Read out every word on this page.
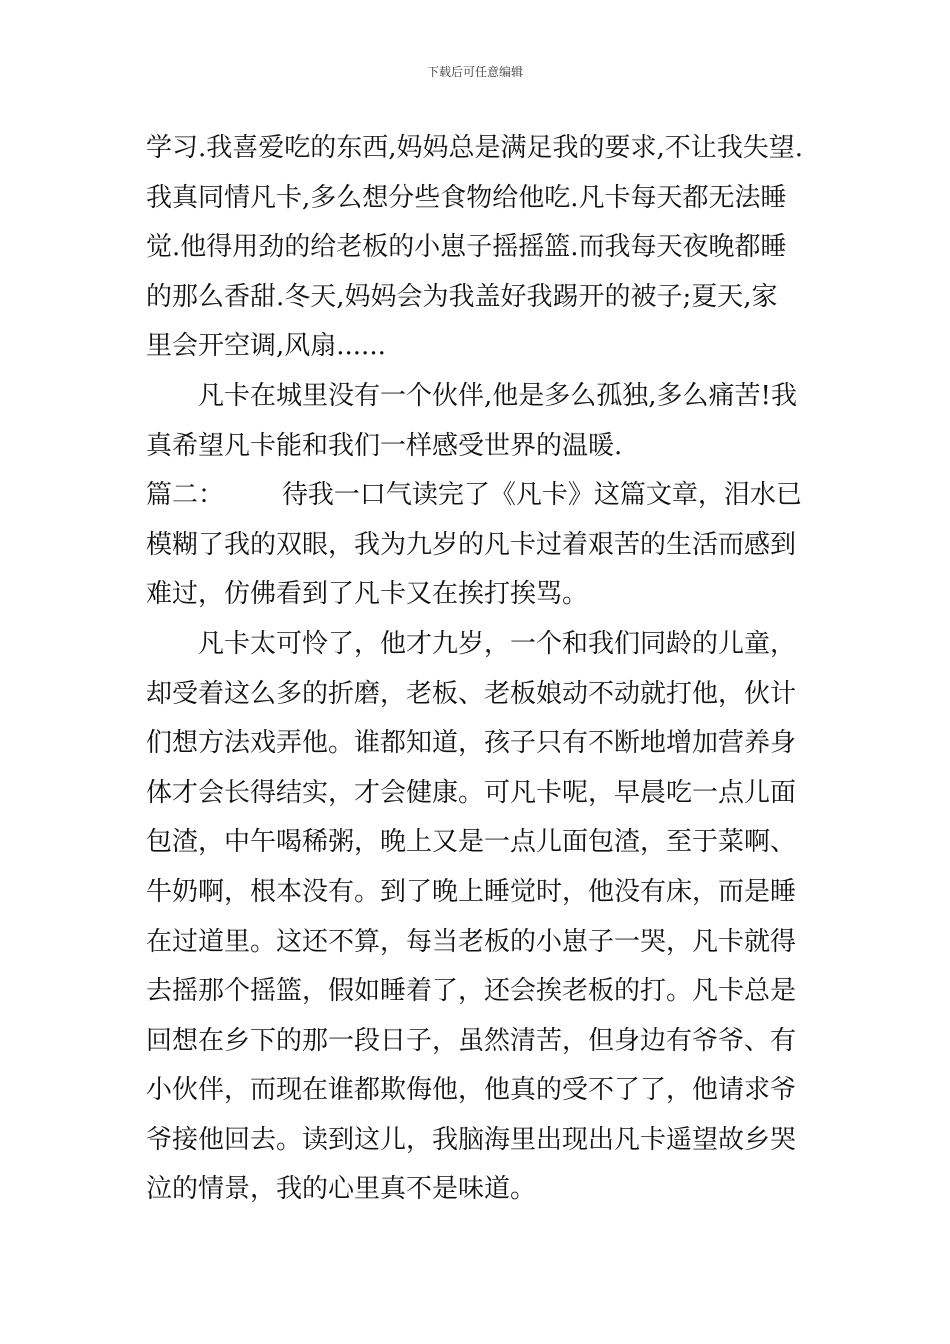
下载后可任意编辑
学习.我喜爱吃的东西,妈妈总是满足我的要求,不让我失望.
我真同情凡卡,多么想分些食物给他吃.凡卡每天都无法睡
觉.他得用劲的给老板的小崽子摇摇篮.而我每天夜晚都睡
的那么香甜.冬天,妈妈会为我盖好我踢开的被子;夏天,家
里会开空调,风扇......
凡卡在城里没有一个伙伴,他是多么孤独,多么痛苦!我
真希望凡卡能和我们一样感受世界的温暖.
篇二：       待我一口气读完了《凡卡》这篇文章，泪水已
模糊了我的双眼，我为九岁的凡卡过着艰苦的生活而感到
难过，仿佛看到了凡卡又在挨打挨骂。
凡卡太可怜了，他才九岁，一个和我们同龄的儿童，
却受着这么多的折磨，老板、老板娘动不动就打他，伙计
们想方法戏弄他。谁都知道，孩子只有不断地增加营养身
体才会长得结实，才会健康。可凡卡呢，早晨吃一点儿面
包渣，中午喝稀粥，晚上又是一点儿面包渣，至于菜啊、
牛奶啊，根本没有。到了晚上睡觉时，他没有床，而是睡
在过道里。这还不算，每当老板的小崽子一哭，凡卡就得
去摇那个摇篮，假如睡着了，还会挨老板的打。凡卡总是
回想在乡下的那一段日子，虽然清苦，但身边有爷爷、有
小伙伴，而现在谁都欺侮他，他真的受不了了，他请求爷
爷接他回去。读到这儿，我脑海里出现出凡卡遥望故乡哭
泣的情景，我的心里真不是味道。
